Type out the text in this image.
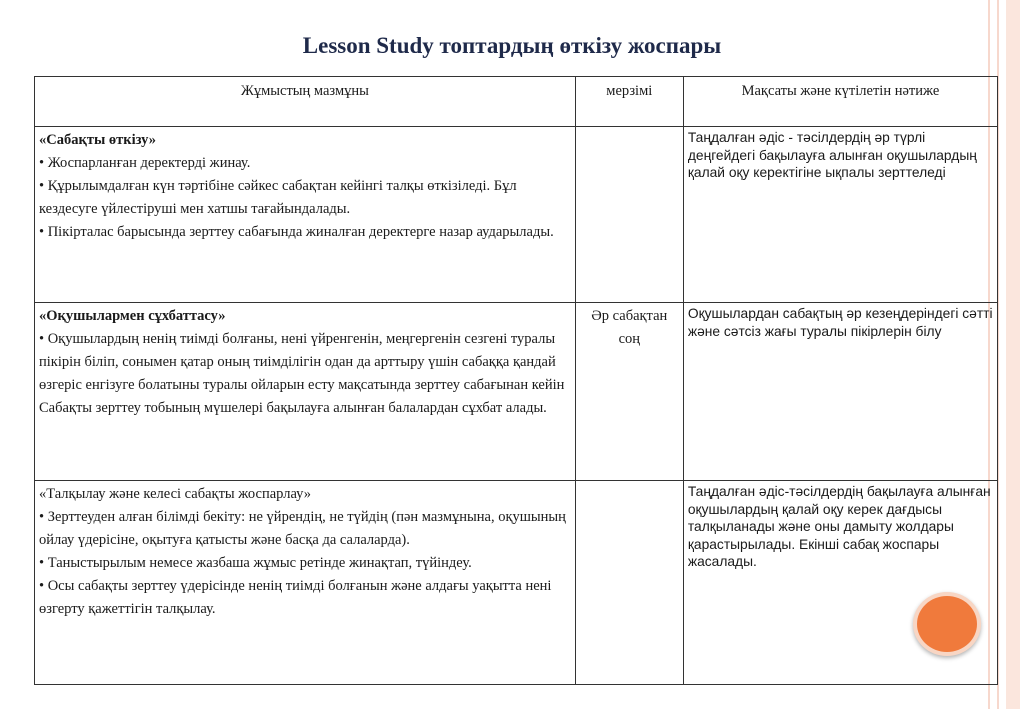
Lesson Study топтардың өткізу жоспары
Жұмыстың мазмұны	мерзімі	Мақсаты және күтілетін нәтиже

«Сабақты өткізу»
• Жоспарланған деректерді жинау.
• Құрылымдалған күн тәртібіне сәйкес сабақтан кейінгі талқы өткізіледі. Бұл кездесуге үйлестіруші мен хатшы тағайындалады.
• Пікірталас барысында зерттеу сабағында жиналған деректерге назар аударылады.		Таңдалған әдіс - тәсілдердің әр түрлі деңгейдегі бақылауға алынған оқушылардың қалай оқу керектігіне ықпалы зерттеледі

«Оқушылармен сұхбаттасу»
• Оқушылардың ненің тиімді болғаны, нені үйренгенін, меңгергенін сезгені туралы пікірін біліп, сонымен қатар оның тиімділігін одан да арттыру үшін сабаққа қандай өзгеріс енгізуге болатыны туралы ойларын есту мақсатында зерттеу сабағынан кейін Сабақты зерттеу тобының мүшелері бақылауға алынған балалардан сұхбат алады.	Әр сабақтан соң	Оқушылардан сабақтың әр кезеңдеріндегі сәтті және сәтсіз жағы туралы пікірлерін білу

«Талқылау және келесі сабақты жоспарлау»
• Зерттеуден алған білімді бекіту: не үйрендің, не түйдің (пән мазмұнына, оқушының ойлау үдерісіне, оқытуға қатысты және басқа да салаларда).
• Таныстырылым немесе жазбаша жұмыс ретінде жинақтап, түйіндеу.
• Осы сабақты зерттеу үдерісінде ненің тиімді болғанын және алдағы уақытта нені өзгерту қажеттігін талқылау.		Таңдалған әдіс-тәсілдердің бақылауға алынған оқушылардың қалай оқу керек дағдысы талқыланады және оны дамыту жолдары қарастырылады. Екінші сабақ жоспары жасалады.
